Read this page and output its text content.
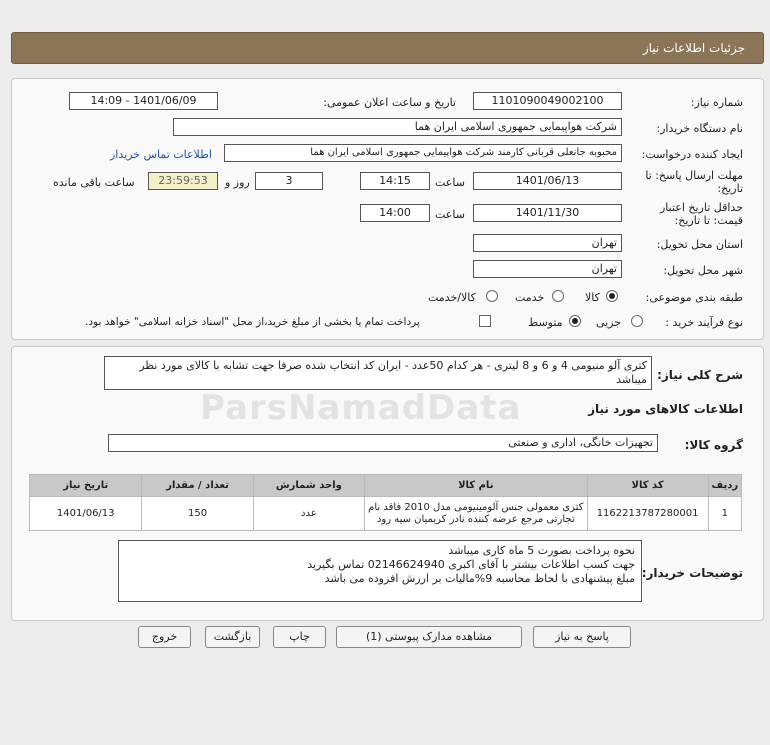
جزئیات اطلاعات نیاز
شماره نیاز:
1101090049002100
تاریخ و ساعت اعلان عمومی:
1401/06/09 - 14:09
نام دستگاه خریدار:
شرکت هواپیمایی جمهوری اسلامی ایران هما
ایجاد کننده درخواست:
محبوبه جانعلی قربانی کارمند شرکت هواپیمایی جمهوری اسلامی ایران هما
اطلاعات تماس خریدار
مهلت ارسال پاسخ: تا
تاریخ:
1401/06/13
ساعت
14:15
3
روز و
23:59:53
ساعت باقی مانده
حداقل تاریخ اعتبار
قیمت: تا تاریخ:
1401/11/30
ساعت
14:00
استان محل تحویل:
تهران
شهر محل تحویل:
تهران
طبقه بندی موضوعی:
کالا
خدمت
کالا/خدمت
نوع فرآیند خرید :
جزیی
متوسط
پرداخت تمام یا بخشی از مبلغ خرید،از محل "اسناد خزانه اسلامی" خواهد بود.
شرح کلی نیاز:
کتری آلو منیومی 4 و 6 و 8 لیتری - هر کدام 50عدد - ایران کد انتخاب شده صرفا جهت تشابه با کالای مورد نظر میباشد
ParsNamadData	اطلاعات کالاهای مورد نیاز
گروه کالا:
تجهیزات خانگی، اداری و صنعتی
ردیف	کد کالا	نام کالا	واحد شمارش	تعداد / مقدار	تاریخ نیاز
1	1162213787280001	کتری معمولی جنس آلومینیومی مدل 2010 فاقد نام تجارتی مرجع عرضه کننده نادر کریمیان سیه رود	عدد	150	1401/06/13
توضیحات خریدار:
نحوه پرداخت بصورت 5 ماه کاری میباشد
جهت کسب اطلاعات بیشتر با آقای اکبری 02146624940 تماس بگیرید
مبلغ پیشنهادی با لحاظ محاسبه 9%مالیات بر ارزش افزوده می باشد
پاسخ به نیاز
مشاهده مدارک پیوستی (1)
چاپ
بازگشت
خروج
